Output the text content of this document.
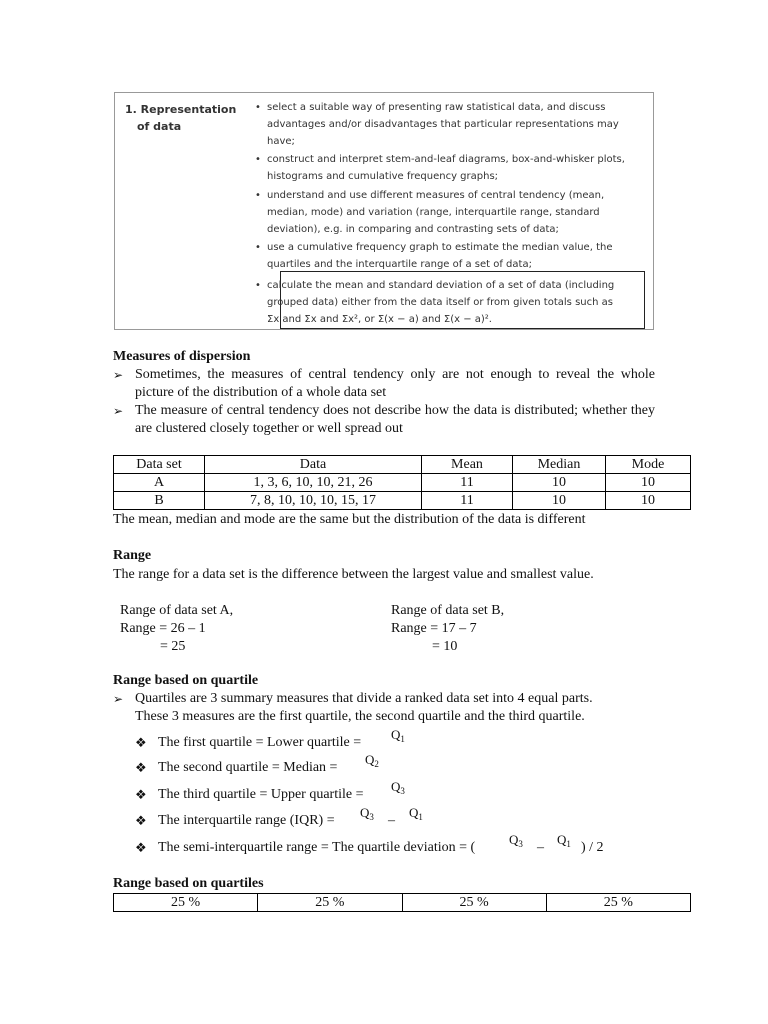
1. Representation
of data
• select a suitable way of presenting raw statistical data, and discuss advantages and/or disadvantages that particular representations may have;
• construct and interpret stem-and-leaf diagrams, box-and-whisker plots, histograms and cumulative frequency graphs;
• understand and use different measures of central tendency (mean, median, mode) and variation (range, interquartile range, standard deviation), e.g. in comparing and contrasting sets of data;
• use a cumulative frequency graph to estimate the median value, the quartiles and the interquartile range of a set of data;
• calculate the mean and standard deviation of a set of data (including grouped data) either from the data itself or from given totals such as Σx and Σx and Σx², or Σ(x − a) and Σ(x − a)².
Measures of dispersion
➢ Sometimes, the measures of central tendency only are not enough to reveal the whole picture of the distribution of a whole data set
➢ The measure of central tendency does not describe how the data is distributed; whether they are clustered closely together or well spread out
Data set	Data	Mean	Median	Mode
A	1, 3, 6, 10, 10, 21, 26	11	10	10
B	7, 8, 10, 10, 10, 15, 17	11	10	10
The mean, median and mode are the same but the distribution of the data is different
Range
The range for a data set is the difference between the largest value and smallest value.
Range of data set A,
Range = 26 – 1
= 25
Range of data set B,
Range = 17 – 7
= 10
Range based on quartile
➢ Quartiles are 3 summary measures that divide a ranked data set into 4 equal parts.
These 3 measures are the first quartile, the second quartile and the third quartile.
❖ The first quartile = Lower quartile =
$Q_1$
❖ The second quartile = Median =
$Q_2$
❖ The third quartile = Upper quartile =
$Q_3$
❖ The interquartile range (IQR) =
$Q_3$ –
$Q_1$
❖ The semi-interquartile range = The quartile deviation = (
$Q_3$ –
$Q_1$ ) / 2
Range based on quartiles
25 %	25 %	25 %	25 %
